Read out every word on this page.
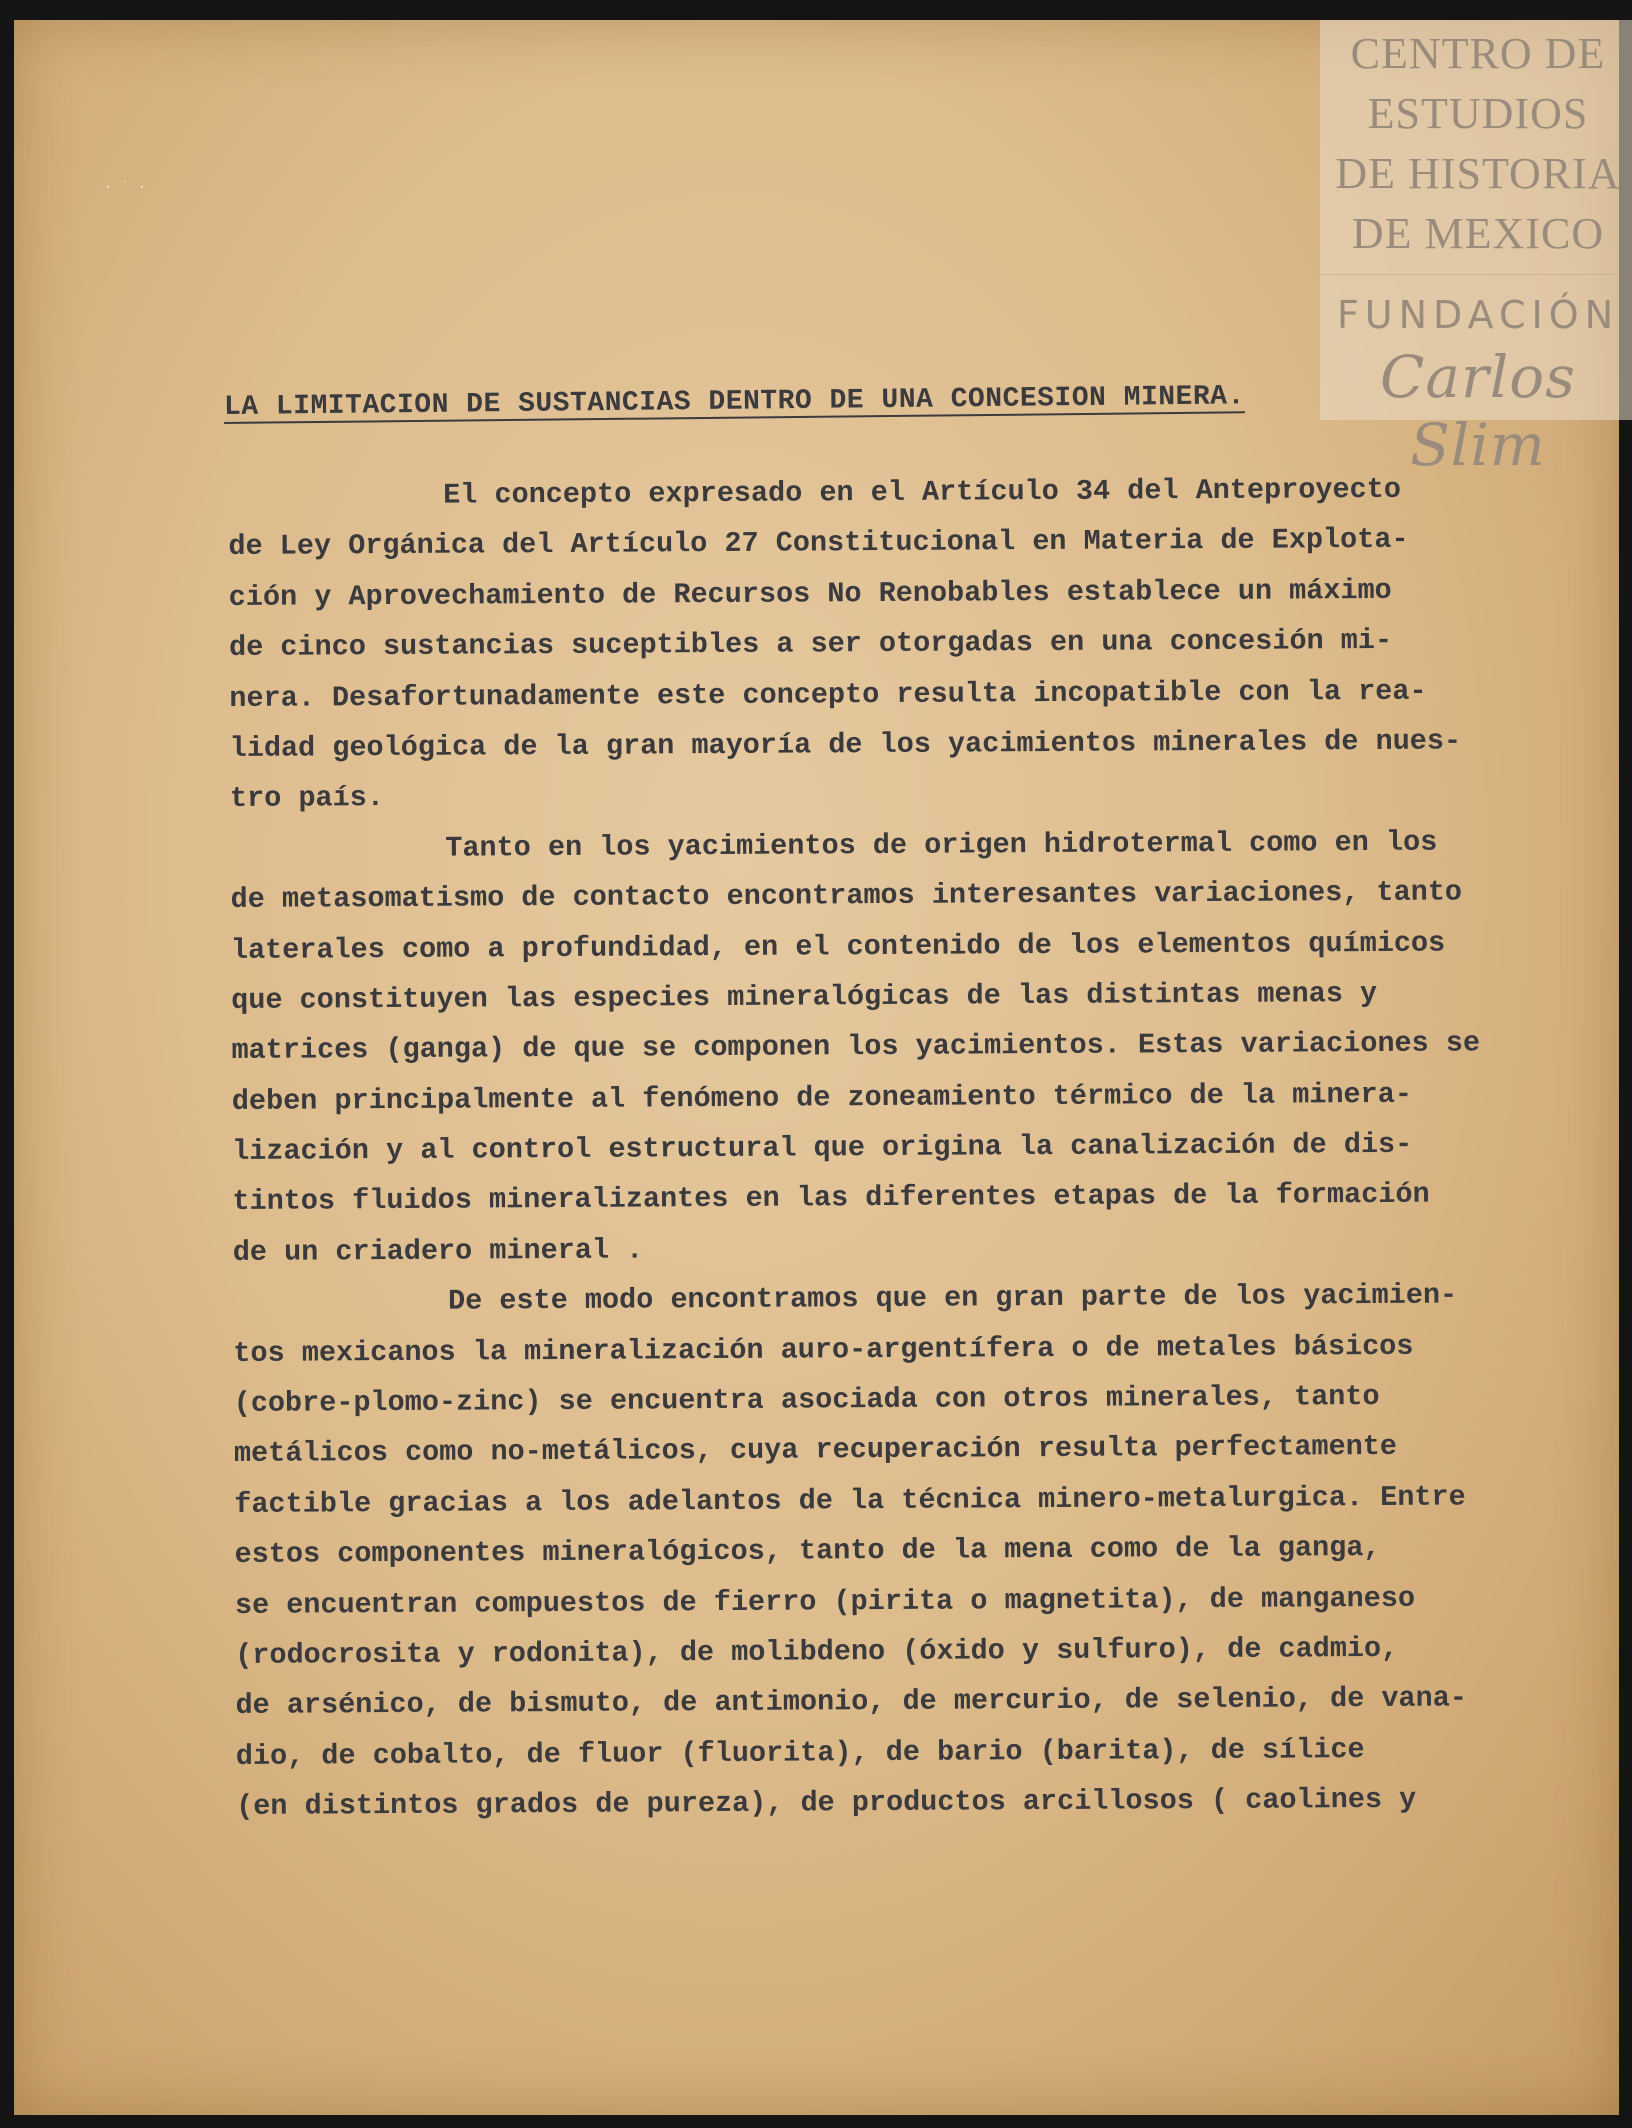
· ˙ ·
CENTRO DE
ESTUDIOS
DE HISTORIA
DE MEXICO
FUNDACIÓN
Carlos Slim
LA LIMITACION DE SUSTANCIAS DENTRO DE UNA CONCESION MINERA.
El concepto expresado en el Artículo 34 del Anteproyecto
de Ley Orgánica del Artículo 27 Constitucional en Materia de Explota-
ción y Aprovechamiento de Recursos No Renobables establece un máximo
de cinco sustancias suceptibles a ser otorgadas en una concesión mi-
nera. Desafortunadamente este concepto resulta incopatible con la rea-
lidad geológica de la gran mayoría de los yacimientos minerales de nues-
tro país.
Tanto en los yacimientos de origen hidrotermal como en los
de metasomatismo de contacto encontramos interesantes variaciones, tanto
laterales como a profundidad, en el contenido de los elementos químicos
que constituyen las especies mineralógicas de las distintas menas y
matrices (ganga) de que se componen los yacimientos. Estas variaciones se
deben principalmente al fenómeno de zoneamiento térmico de la minera-
lización y al control estructural que origina la canalización de dis-
tintos fluidos mineralizantes en las diferentes etapas de la formación
de un criadero mineral .
De este modo encontramos que en gran parte de los yacimien-
tos mexicanos la mineralización auro-argentífera o de metales básicos
(cobre-plomo-zinc) se encuentra asociada con otros minerales, tanto
metálicos como no-metálicos, cuya recuperación resulta perfectamente
factible gracias a los adelantos de la técnica minero-metalurgica. Entre
estos componentes mineralógicos, tanto de la mena como de la ganga,
se encuentran compuestos de fierro (pirita o magnetita), de manganeso
(rodocrosita y rodonita), de molibdeno (óxido y sulfuro), de cadmio,
de arsénico, de bismuto, de antimonio, de mercurio, de selenio, de vana-
dio, de cobalto, de fluor (fluorita), de bario (barita), de sílice
(en distintos grados de pureza), de productos arcillosos ( caolines y
